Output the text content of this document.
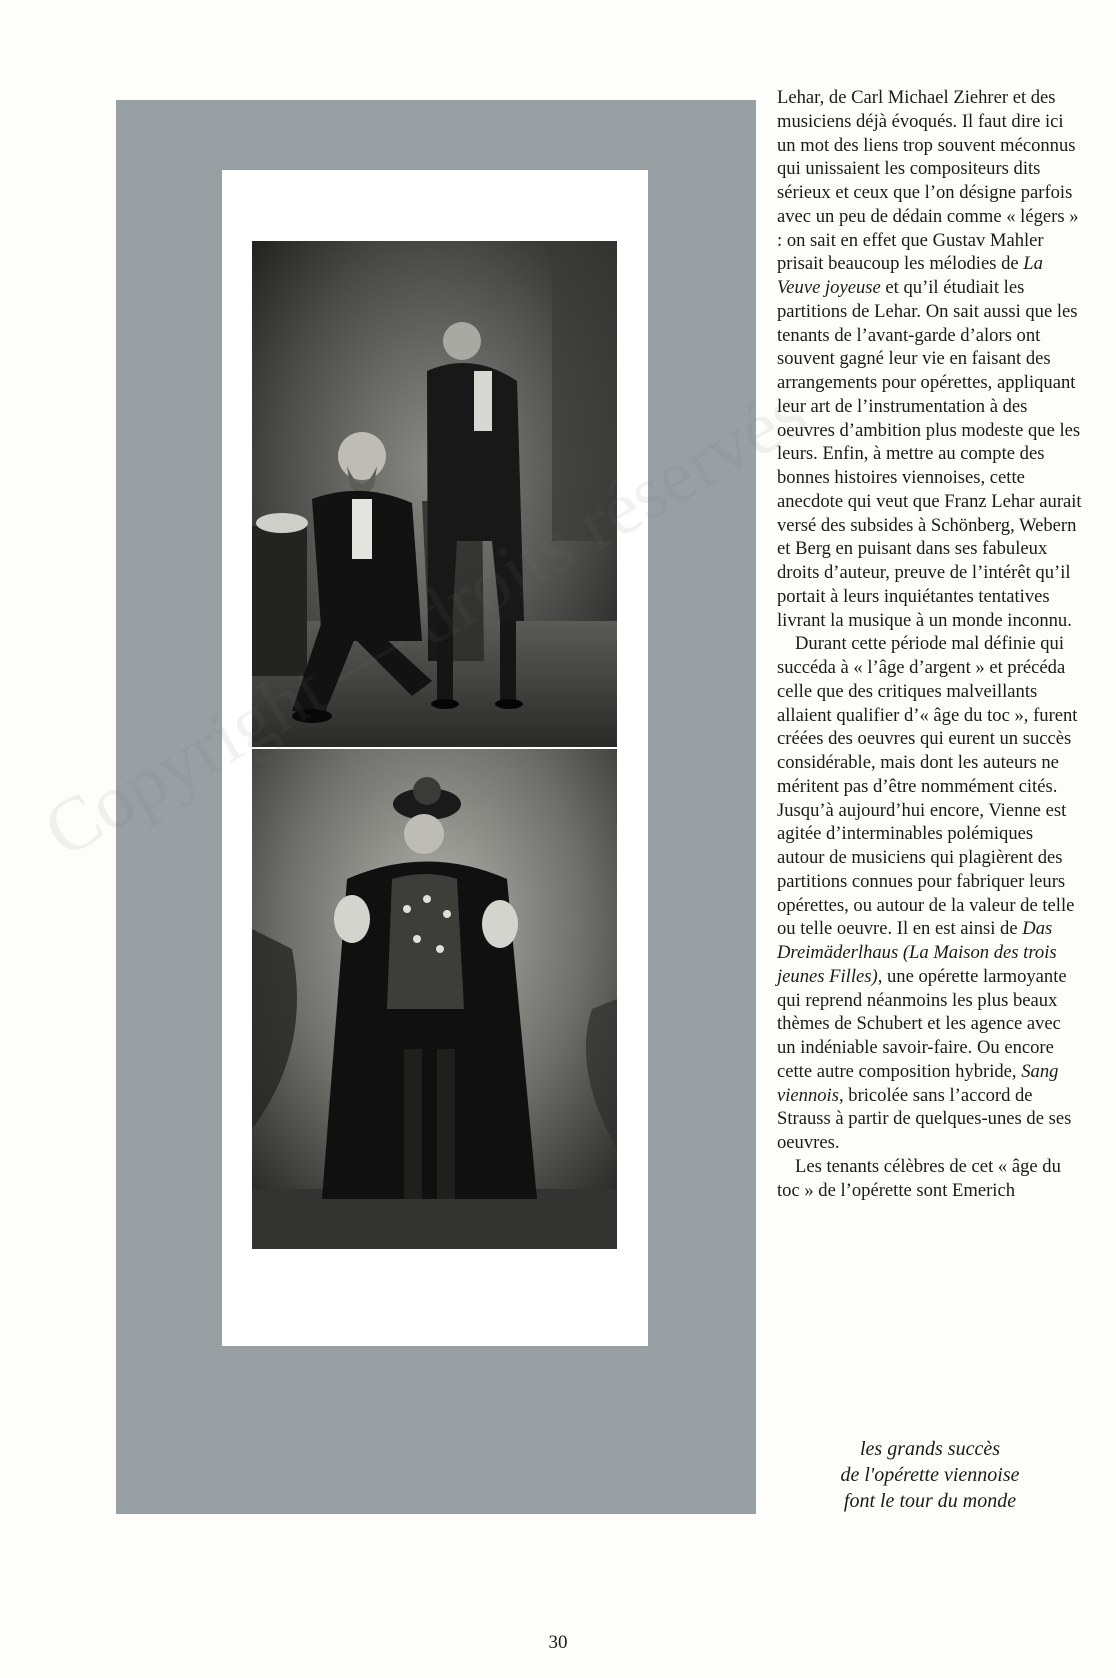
Lehar, de Carl Michael Ziehrer et des musiciens déjà évoqués. Il faut dire ici un mot des liens trop souvent méconnus qui unissaient les compositeurs dits sérieux et ceux que l’on désigne parfois avec un peu de dédain comme « légers » : on sait en effet que Gustav Mahler prisait beaucoup les mélodies de La Veuve joyeuse et qu’il étudiait les partitions de Lehar. On sait aussi que les tenants de l’avant-garde d’alors ont souvent gagné leur vie en faisant des arrangements pour opérettes, appliquant leur art de l’instrumentation à des oeuvres d’ambition plus modeste que les leurs. Enfin, à mettre au compte des bonnes histoires viennoises, cette anecdote qui veut que Franz Lehar aurait versé des subsides à Schönberg, Webern et Berg en puisant dans ses fabuleux droits d’auteur, preuve de l’intérêt qu’il portait à leurs inquiétantes tentatives livrant la musique à un monde inconnu.

Durant cette période mal définie qui succéda à « l’âge d’argent » et précéda celle que des critiques malveillants allaient qualifier d’« âge du toc », furent créées des oeuvres qui eurent un succès considérable, mais dont les auteurs ne méritent pas d’être nommément cités. Jusqu’à aujourd’hui encore, Vienne est agitée d’interminables polémiques autour de musiciens qui plagièrent des partitions connues pour fabriquer leurs opérettes, ou autour de la valeur de telle ou telle oeuvre. Il en est ainsi de Das Dreimäderlhaus (La Maison des trois jeunes Filles), une opérette larmoyante qui reprend néanmoins les plus beaux thèmes de Schubert et les agence avec un indéniable savoir-faire. Ou encore cette autre composition hybride, Sang viennois, bricolée sans l’accord de Strauss à partir de quelques-unes de ses oeuvres.

Les tenants célèbres de cet « âge du toc » de l’opérette sont Emerich

les grands succès
de l'opérette viennoise
font le tour du monde
30
